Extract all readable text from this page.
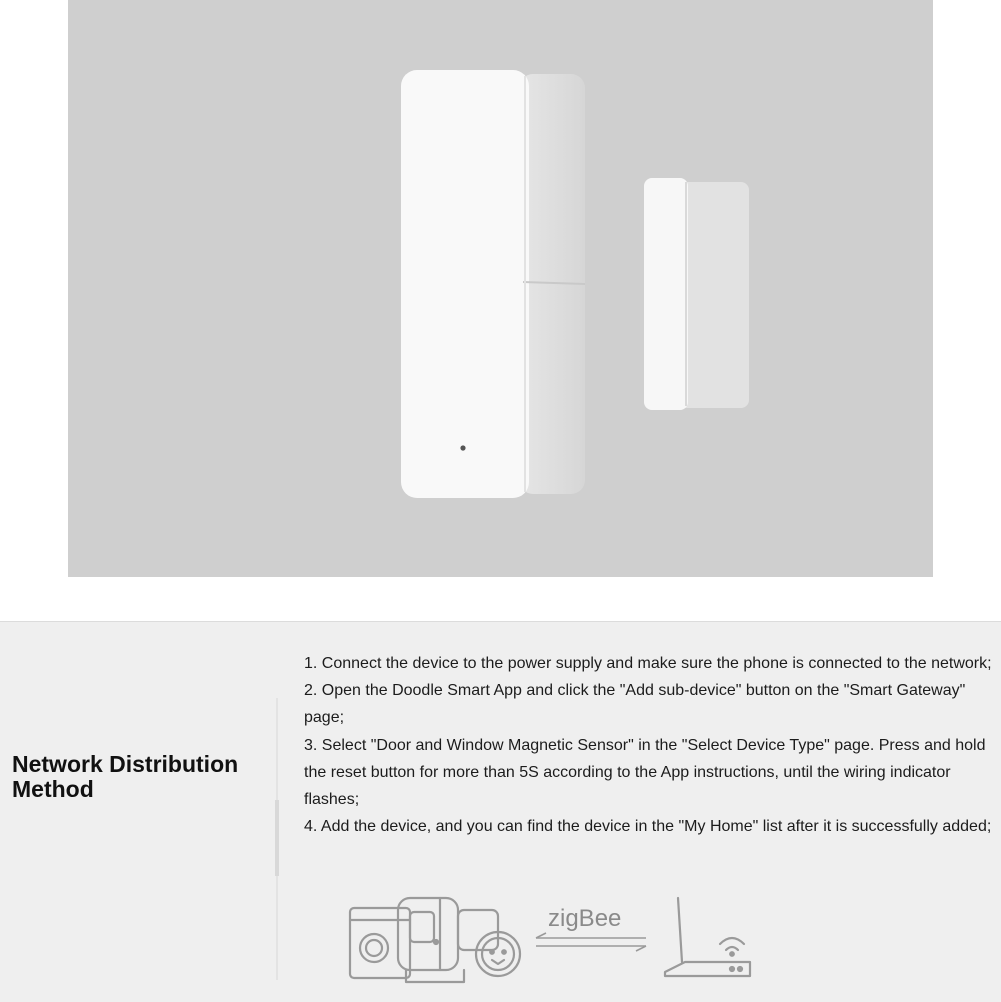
Network Distribution Method

1. Connect the device to the power supply and make sure the phone is connected to the network;

2. Open the Doodle Smart App and click the "Add sub-device" button on the "Smart Gateway" page;

3. Select "Door and Window Magnetic Sensor" in the "Select Device Type" page. Press and hold the reset button for more than 5S according to the App instructions, until the wiring indicator flashes;

4. Add the device, and you can find the device in the "My Home" list after it is successfully added;

zigBee
